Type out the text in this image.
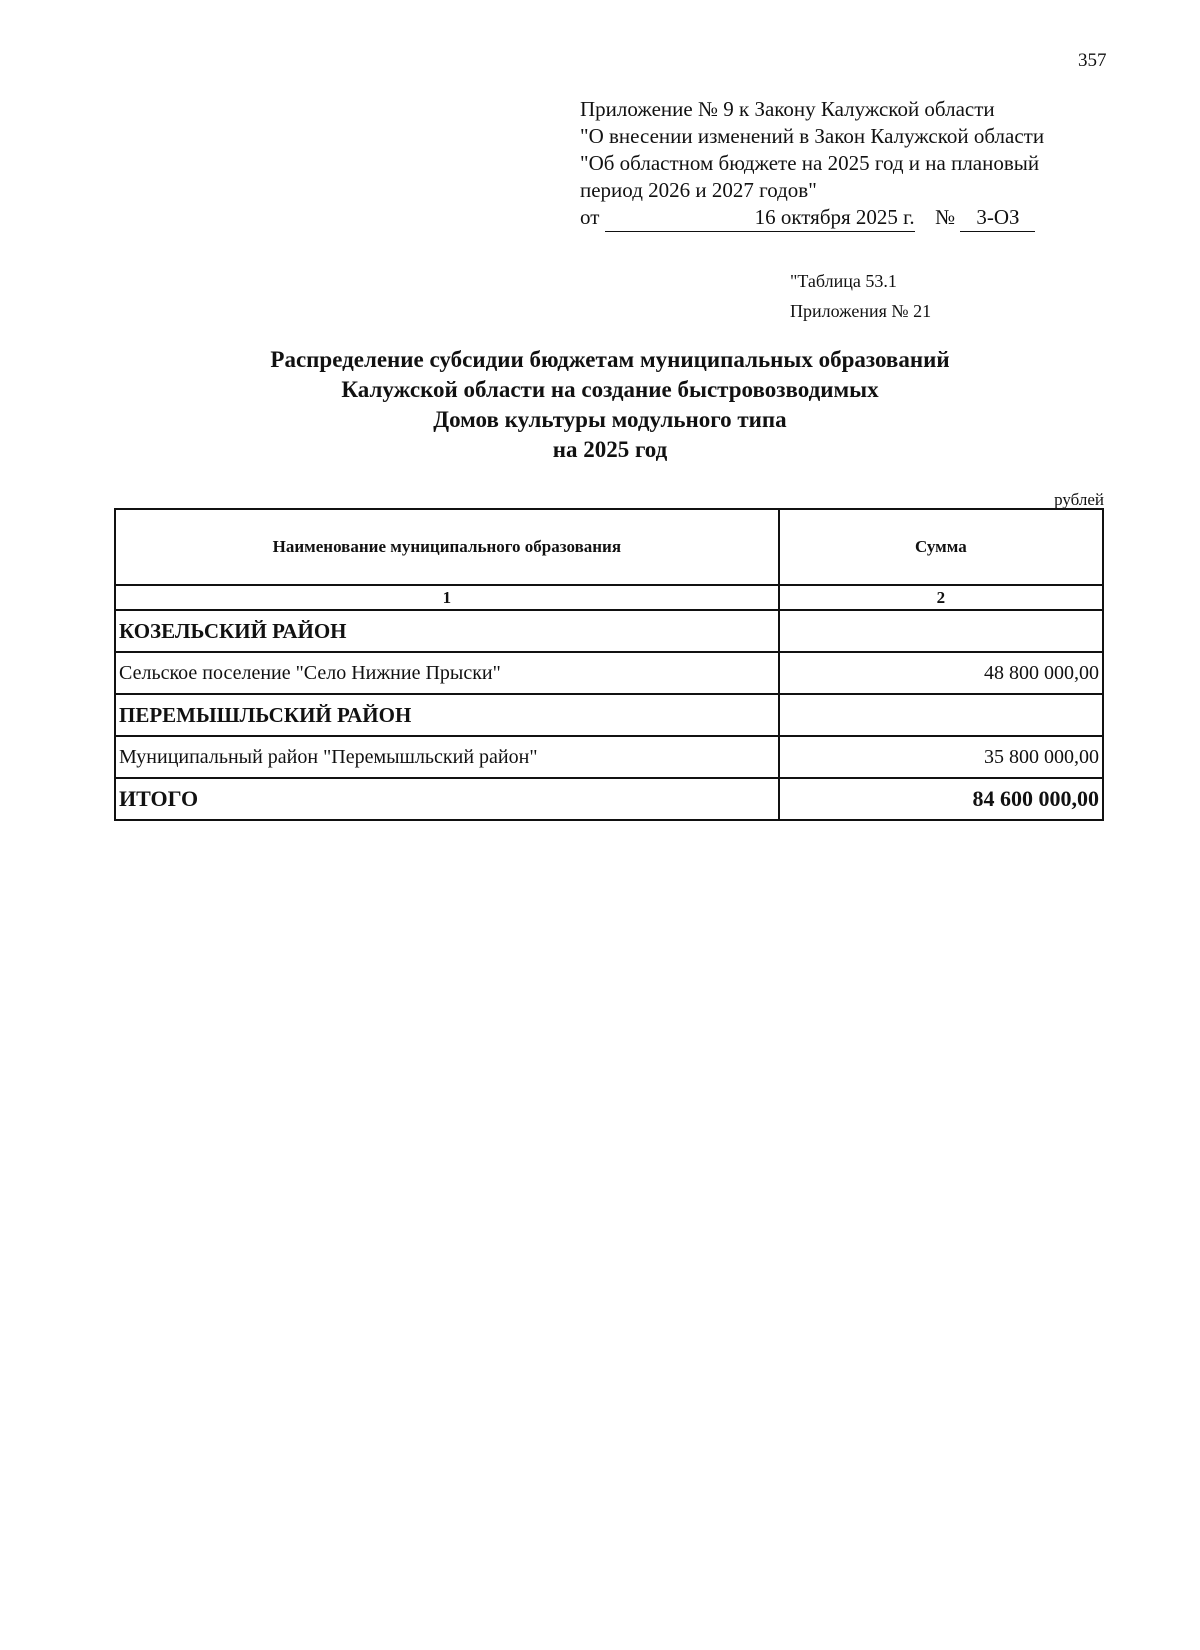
357
Приложение № 9 к Закону Калужской области
"О внесении изменений в Закон Калужской области
"Об областном бюджете на 2025 год и на плановый
период 2026 и 2027 годов"
от	16 октября 2025 г. № 3-ОЗ
"Таблица 53.1
Приложения № 21
Распределение субсидии бюджетам муниципальных образований
Калужской области на создание быстровозводимых
Домов культуры модульного типа
на 2025 год
рублей
Наименование муниципального образования	Сумма
1	2
КОЗЕЛЬСКИЙ РАЙОН	
Сельское поселение "Село Нижние Прыски"	48 800 000,00
ПЕРЕМЫШЛЬСКИЙ РАЙОН	
Муниципальный район "Перемышльский район"	35 800 000,00
ИТОГО	84 600 000,00
